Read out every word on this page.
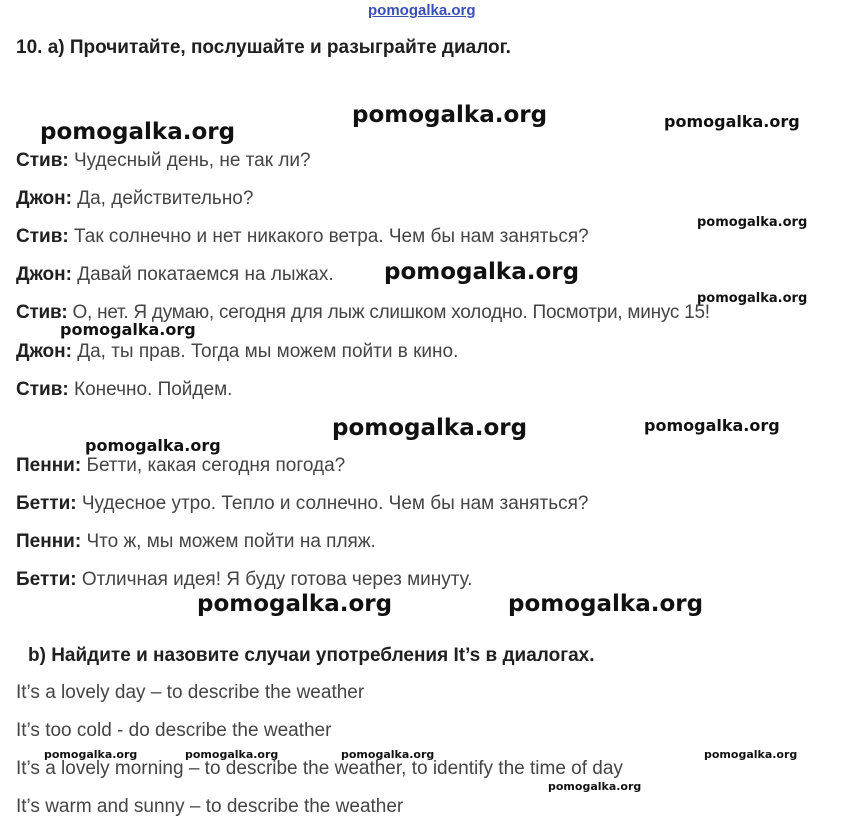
pomogalka.org
pomogalka.org
pomogalka.org	pomogalka.org
pomogalka.org
pomogalka.org
pomogalka.org
pomogalka.org
pomogalka.org
pomogalka.org	pomogalka.org
pomogalka.org	pomogalka.org
pomogalka.org	pomogalka.org	pomogalka.org	pomogalka.org
pomogalka.org
10. а) Прочитайте, послушайте и разыграйте диалог.
Стив: Чудесный день, не так ли?
Джон: Да, действительно?
Стив: Так солнечно и нет никакого ветра. Чем бы нам заняться?
Джон: Давай покатаемся на лыжах.
Стив: О, нет. Я думаю, сегодня для лыж слишком холодно. Посмотри, минус 15!
Джон: Да, ты прав. Тогда мы можем пойти в кино.
Стив: Конечно. Пойдем.
Пенни: Бетти, какая сегодня погода?
Бетти: Чудесное утро. Тепло и солнечно. Чем бы нам заняться?
Пенни: Что ж, мы можем пойти на пляж.
Бетти: Отличная идея! Я буду готова через минуту.
b) Найдите и назовите случаи употребления It’s в диалогах.
It’s a lovely day – to describe the weather
It’s too cold - do describe the weather
It’s a lovely morning – to describe the weather, to identify the time of day
It’s warm and sunny – to describe the weather
